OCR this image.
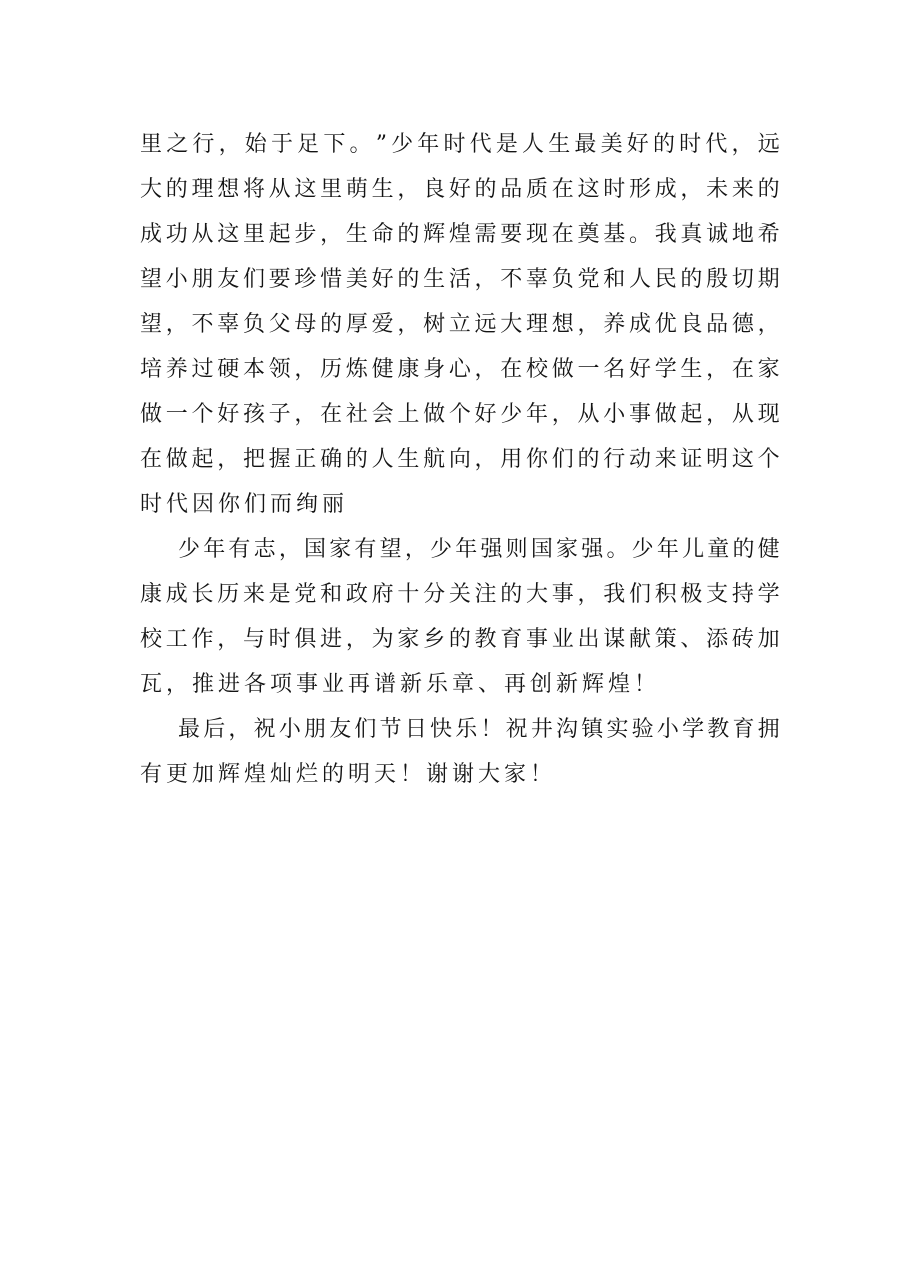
里 之 行 ， 始 于 足 下 。 ” 少 年 时 代 是 人 生 最 美 好 的 时 代 ， 远
大 的 理 想 将 从 这 里 萌 生 ， 良 好 的 品 质 在 这 时 形 成 ， 未 来 的
成 功 从 这 里 起 步 ， 生 命 的 辉 煌 需 要 现 在 奠 基 。 我 真 诚 地 希
望 小 朋 友 们 要 珍 惜 美 好 的 生 活 ， 不 辜 负 党 和 人 民 的 殷 切 期
望 ， 不 辜 负 父 母 的 厚 爱 ， 树 立 远 大 理 想 ， 养 成 优 良 品 德 ，
培 养 过 硬 本 领 ， 历 炼 健 康 身 心 ， 在 校 做 一 名 好 学 生 ， 在 家
做 一 个 好 孩 子 ， 在 社 会 上 做 个 好 少 年 ， 从 小 事 做 起 ， 从 现
在 做 起 ， 把 握 正 确 的 人 生 航 向 ， 用 你 们 的 行 动 来 证 明 这 个
时代因你们而绚丽
少 年 有 志 ， 国 家 有 望 ， 少 年 强 则 国 家 强 。 少 年 儿 童 的 健
康 成 长 历 来 是 党 和 政 府 十 分 关 注 的 大 事 ， 我 们 积 极 支 持 学
校 工 作 ， 与 时 俱 进 ， 为 家 乡 的 教 育 事 业 出 谋 献 策 、 添 砖 加
瓦，推进各项事业再谱新乐章、再创新辉煌！
最 后 ， 祝 小 朋 友 们 节 日 快 乐 ！ 祝 井 沟 镇 实 验 小 学 教 育 拥
有更加辉煌灿烂的明天！谢谢大家！
